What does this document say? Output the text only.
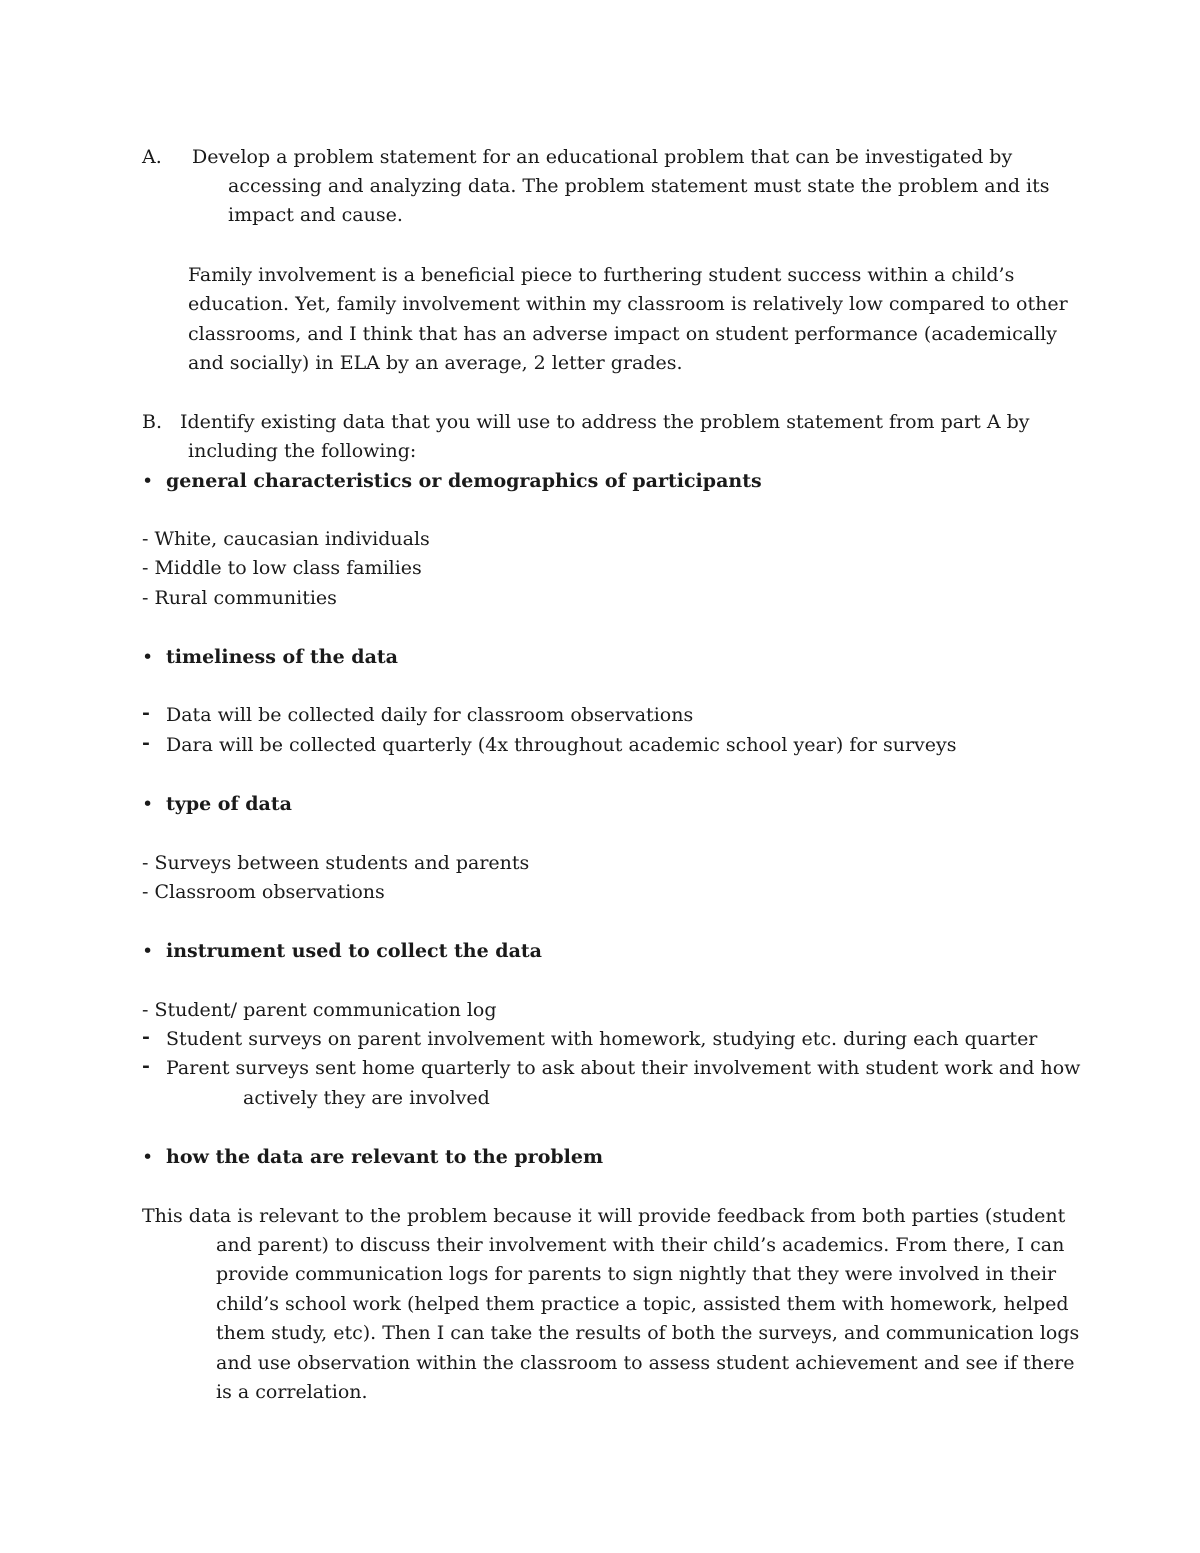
A. Develop a problem statement for an educational problem that can be investigated by
accessing and analyzing data. The problem statement must state the problem and its
impact and cause.
Family involvement is a beneficial piece to furthering student success within a child’s
education. Yet, family involvement within my classroom is relatively low compared to other
classrooms, and I think that has an adverse impact on student performance (academically
and socially) in ELA by an average, 2 letter grades.
B. Identify existing data that you will use to address the problem statement from part A by
including the following:
• general characteristics or demographics of participants
- White, caucasian individuals
- Middle to low class families
- Rural communities
• timeliness of the data
- Data will be collected daily for classroom observations
- Dara will be collected quarterly (4x throughout academic school year) for surveys
• type of data
- Surveys between students and parents
- Classroom observations
• instrument used to collect the data
- Student/ parent communication log
- Student surveys on parent involvement with homework, studying etc. during each quarter
- Parent surveys sent home quarterly to ask about their involvement with student work and how
actively they are involved
• how the data are relevant to the problem
This data is relevant to the problem because it will provide feedback from both parties (student
and parent) to discuss their involvement with their child’s academics. From there, I can
provide communication logs for parents to sign nightly that they were involved in their
child’s school work (helped them practice a topic, assisted them with homework, helped
them study, etc). Then I can take the results of both the surveys, and communication logs
and use observation within the classroom to assess student achievement and see if there
is a correlation.
